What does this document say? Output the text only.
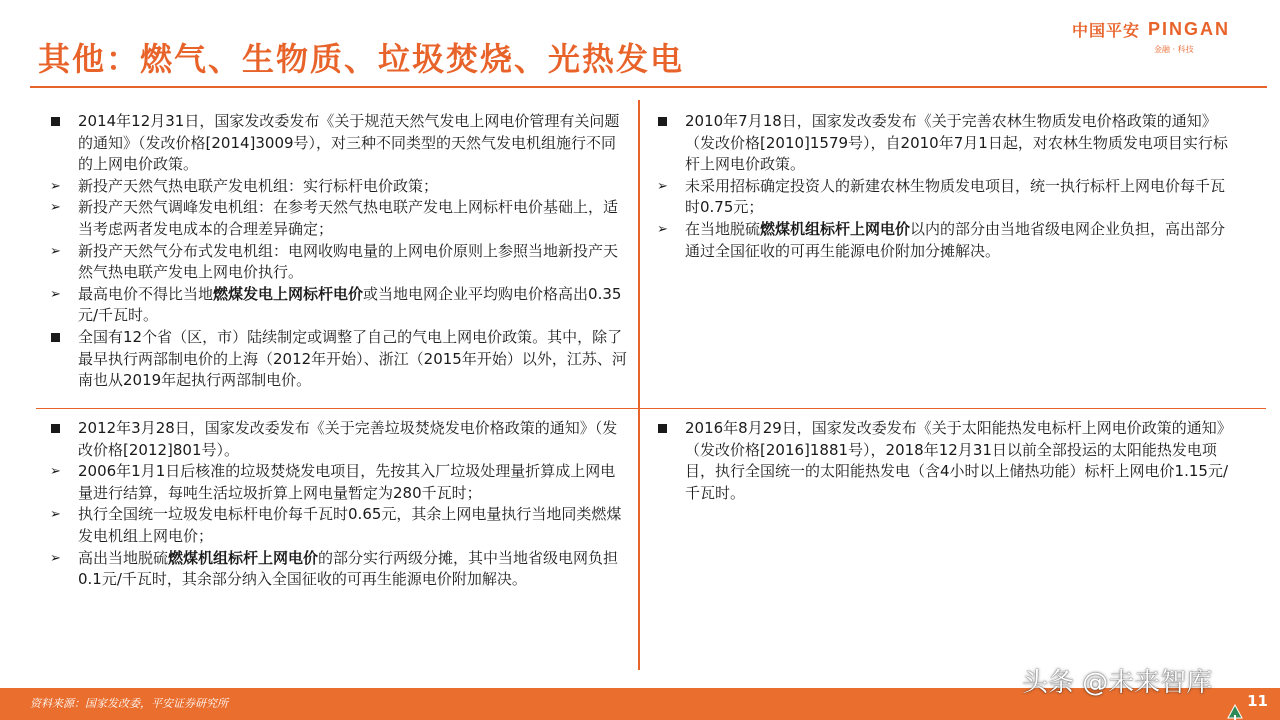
其他：燃气、生物质、垃圾焚烧、光热发电
中国平安 PINGAN
金融 · 科技
2014年12月31日，国家发改委发布《关于规范天然气发电上网电价管理有关问题的通知》（发改价格[2014]3009号），对三种不同类型的天然气发电机组施行不同的上网电价政策。
➢	新投产天然气热电联产发电机组：实行标杆电价政策；
➢	新投产天然气调峰发电机组：在参考天然气热电联产发电上网标杆电价基础上，适当考虑两者发电成本的合理差异确定；
➢	新投产天然气分布式发电机组：电网收购电量的上网电价原则上参照当地新投产天然气热电联产发电上网电价执行。
➢	最高电价不得比当地燃煤发电上网标杆电价或当地电网企业平均购电价格高出0.35元/千瓦时。
全国有12个省（区，市）陆续制定或调整了自己的气电上网电价政策。其中，除了最早执行两部制电价的上海（2012年开始）、浙江（2015年开始）以外，江苏、河南也从2019年起执行两部制电价。
2010年7月18日，国家发改委发布《关于完善农林生物质发电价格政策的通知》（发改价格[2010]1579号），自2010年7月1日起，对农林生物质发电项目实行标杆上网电价政策。
➢	未采用招标确定投资人的新建农林生物质发电项目，统一执行标杆上网电价每千瓦时0.75元；
➢	在当地脱硫燃煤机组标杆上网电价以内的部分由当地省级电网企业负担，高出部分通过全国征收的可再生能源电价附加分摊解决。
2012年3月28日，国家发改委发布《关于完善垃圾焚烧发电价格政策的通知》（发改价格[2012]801号）。
➢	2006年1月1日后核准的垃圾焚烧发电项目，先按其入厂垃圾处理量折算成上网电量进行结算，每吨生活垃圾折算上网电量暂定为280千瓦时；
➢	执行全国统一垃圾发电标杆电价每千瓦时0.65元，其余上网电量执行当地同类燃煤发电机组上网电价；
➢	高出当地脱硫燃煤机组标杆上网电价的部分实行两级分摊，其中当地省级电网负担0.1元/千瓦时，其余部分纳入全国征收的可再生能源电价附加解决。
2016年8月29日，国家发改委发布《关于太阳能热发电标杆上网电价政策的通知》（发改价格[2016]1881号），2018年12月31日以前全部投运的太阳能热发电项目，执行全国统一的太阳能热发电（含4小时以上储热功能）标杆上网电价1.15元/千瓦时。
资料来源：国家发改委，平安证券研究所
头条 @未来智库
11
